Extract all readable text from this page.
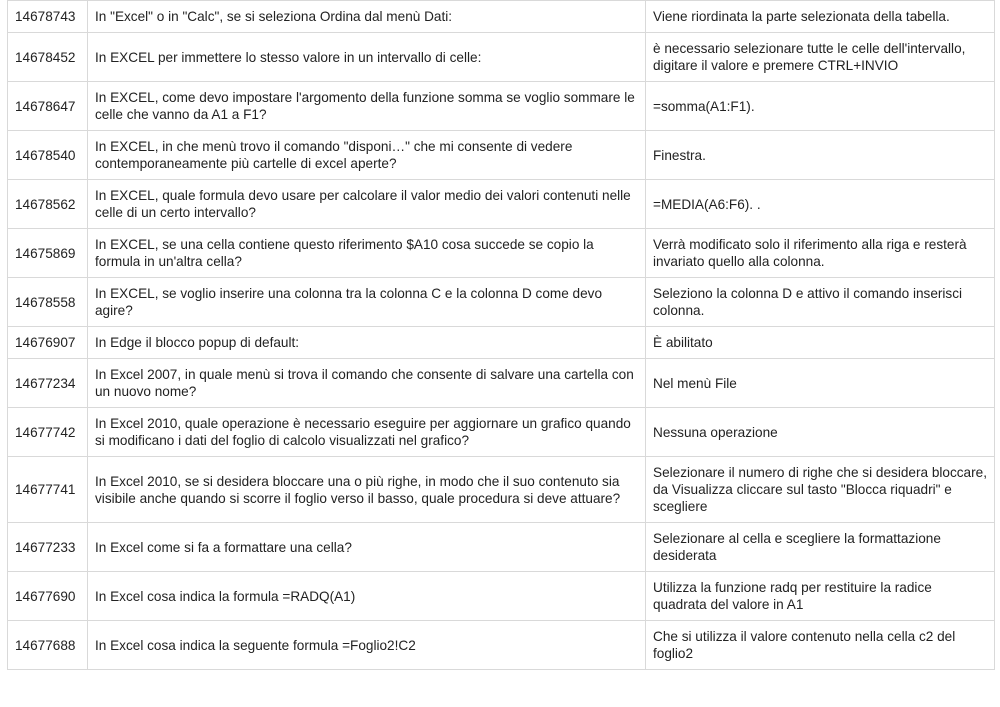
14678743	In "Excel" o in "Calc", se si seleziona Ordina dal menù Dati:	Viene riordinata la parte selezionata della tabella.
14678452	In EXCEL per immettere lo stesso valore in un intervallo di celle:	è necessario selezionare tutte le celle dell'intervallo, digitare il valore e premere CTRL+INVIO
14678647	In EXCEL, come devo impostare l'argomento della funzione somma se voglio sommare le celle che vanno da A1 a F1?	=somma(A1:F1).
14678540	In EXCEL, in che menù trovo il comando "disponi…" che mi consente di vedere contemporaneamente più cartelle di excel aperte?	Finestra.
14678562	In EXCEL, quale formula devo usare per calcolare il valor medio dei valori contenuti nelle celle di un certo intervallo?	=MEDIA(A6:F6). .
14675869	In EXCEL, se una cella contiene questo riferimento $A10 cosa succede se copio la formula in un'altra cella?	Verrà modificato solo il riferimento alla riga e resterà invariato quello alla colonna.
14678558	In EXCEL, se voglio inserire una colonna tra la colonna C e la colonna D come devo agire?	Seleziono la colonna D e attivo il comando inserisci colonna.
14676907	In Edge il blocco popup di default:	È abilitato
14677234	In Excel 2007, in quale menù si trova il comando che consente di salvare una cartella con un nuovo nome?	Nel menù File
14677742	In Excel 2010, quale operazione è necessario eseguire per aggiornare un grafico quando si modificano i dati del foglio di calcolo visualizzati nel grafico?	Nessuna operazione
14677741	In Excel 2010, se si desidera bloccare una o più righe, in modo che il suo contenuto sia visibile anche quando si scorre il foglio verso il basso, quale procedura si deve attuare?	Selezionare il numero di righe che si desidera bloccare, da Visualizza cliccare sul tasto "Blocca riquadri" e scegliere
14677233	In Excel come si fa a formattare una cella?	Selezionare al cella e scegliere la formattazione desiderata
14677690	In Excel cosa indica la formula =RADQ(A1)	Utilizza la funzione radq per restituire la radice quadrata del valore in A1
14677688	In Excel cosa indica la seguente formula =Foglio2!C2	Che si utilizza il valore contenuto nella cella c2 del foglio2
